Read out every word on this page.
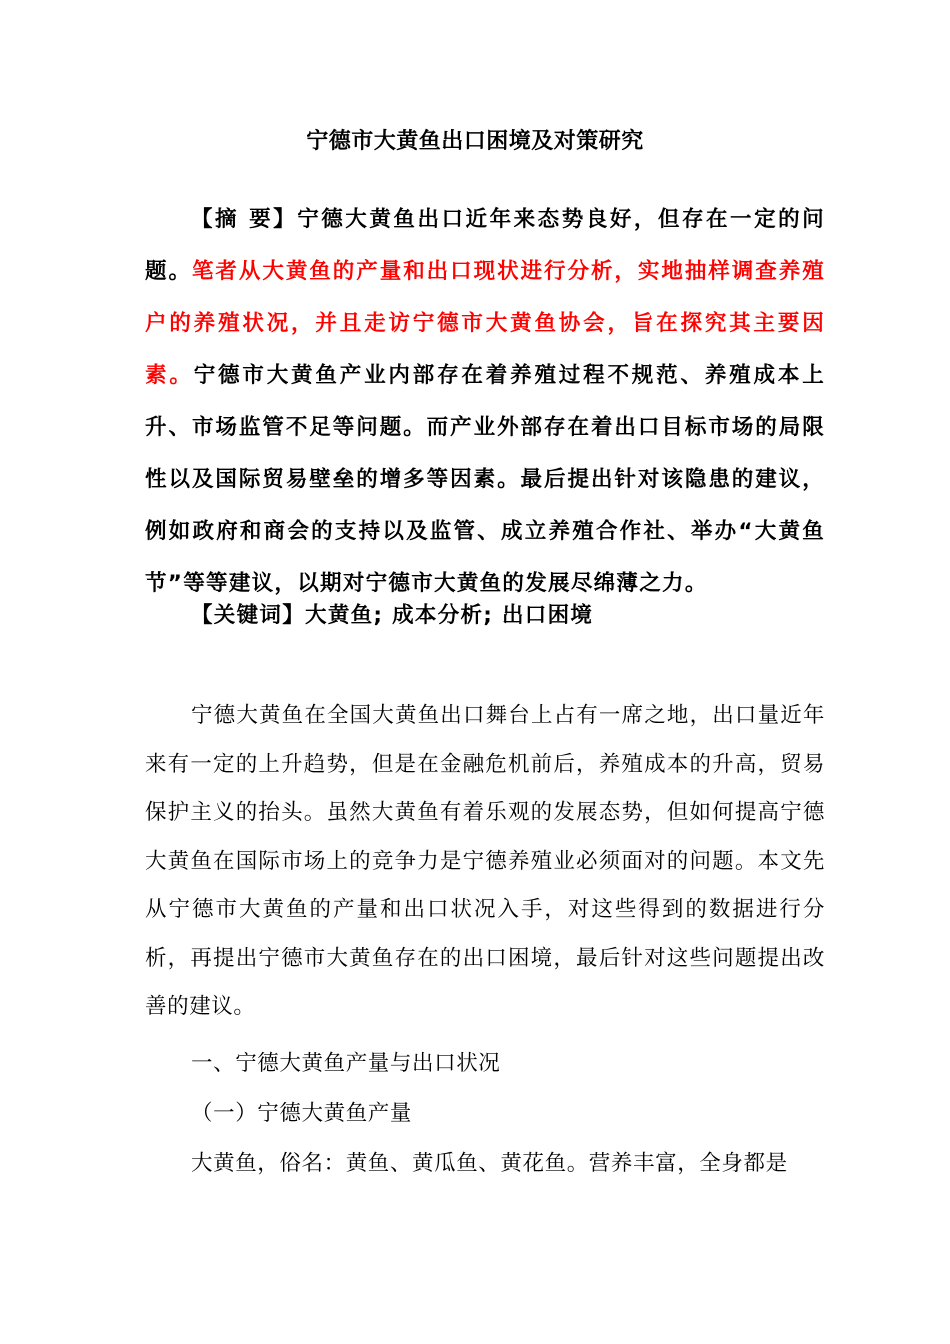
宁德市大黄鱼出口困境及对策研究

【摘 要】宁德大黄鱼出口近年来态势良好，但存在一定的问题。笔者从大黄鱼的产量和出口现状进行分析，实地抽样调查养殖户的养殖状况，并且走访宁德市大黄鱼协会，旨在探究其主要因素。宁德市大黄鱼产业内部存在着养殖过程不规范、养殖成本上升、市场监管不足等问题。而产业外部存在着出口目标市场的局限性以及国际贸易壁垒的增多等因素。最后提出针对该隐患的建议，例如政府和商会的支持以及监管、成立养殖合作社、举办“大黄鱼节”等等建议，以期对宁德市大黄鱼的发展尽绵薄之力。

【关键词】大黄鱼; 成本分析; 出口困境

宁德大黄鱼在全国大黄鱼出口舞台上占有一席之地，出口量近年来有一定的上升趋势，但是在金融危机前后，养殖成本的升高，贸易保护主义的抬头。虽然大黄鱼有着乐观的发展态势，但如何提高宁德大黄鱼在国际市场上的竞争力是宁德养殖业必须面对的问题。本文先从宁德市大黄鱼的产量和出口状况入手，对这些得到的数据进行分析，再提出宁德市大黄鱼存在的出口困境，最后针对这些问题提出改善的建议。

一、宁德大黄鱼产量与出口状况

（一）宁德大黄鱼产量

大黄鱼，俗名：黄鱼、黄瓜鱼、黄花鱼。营养丰富，全身都是
